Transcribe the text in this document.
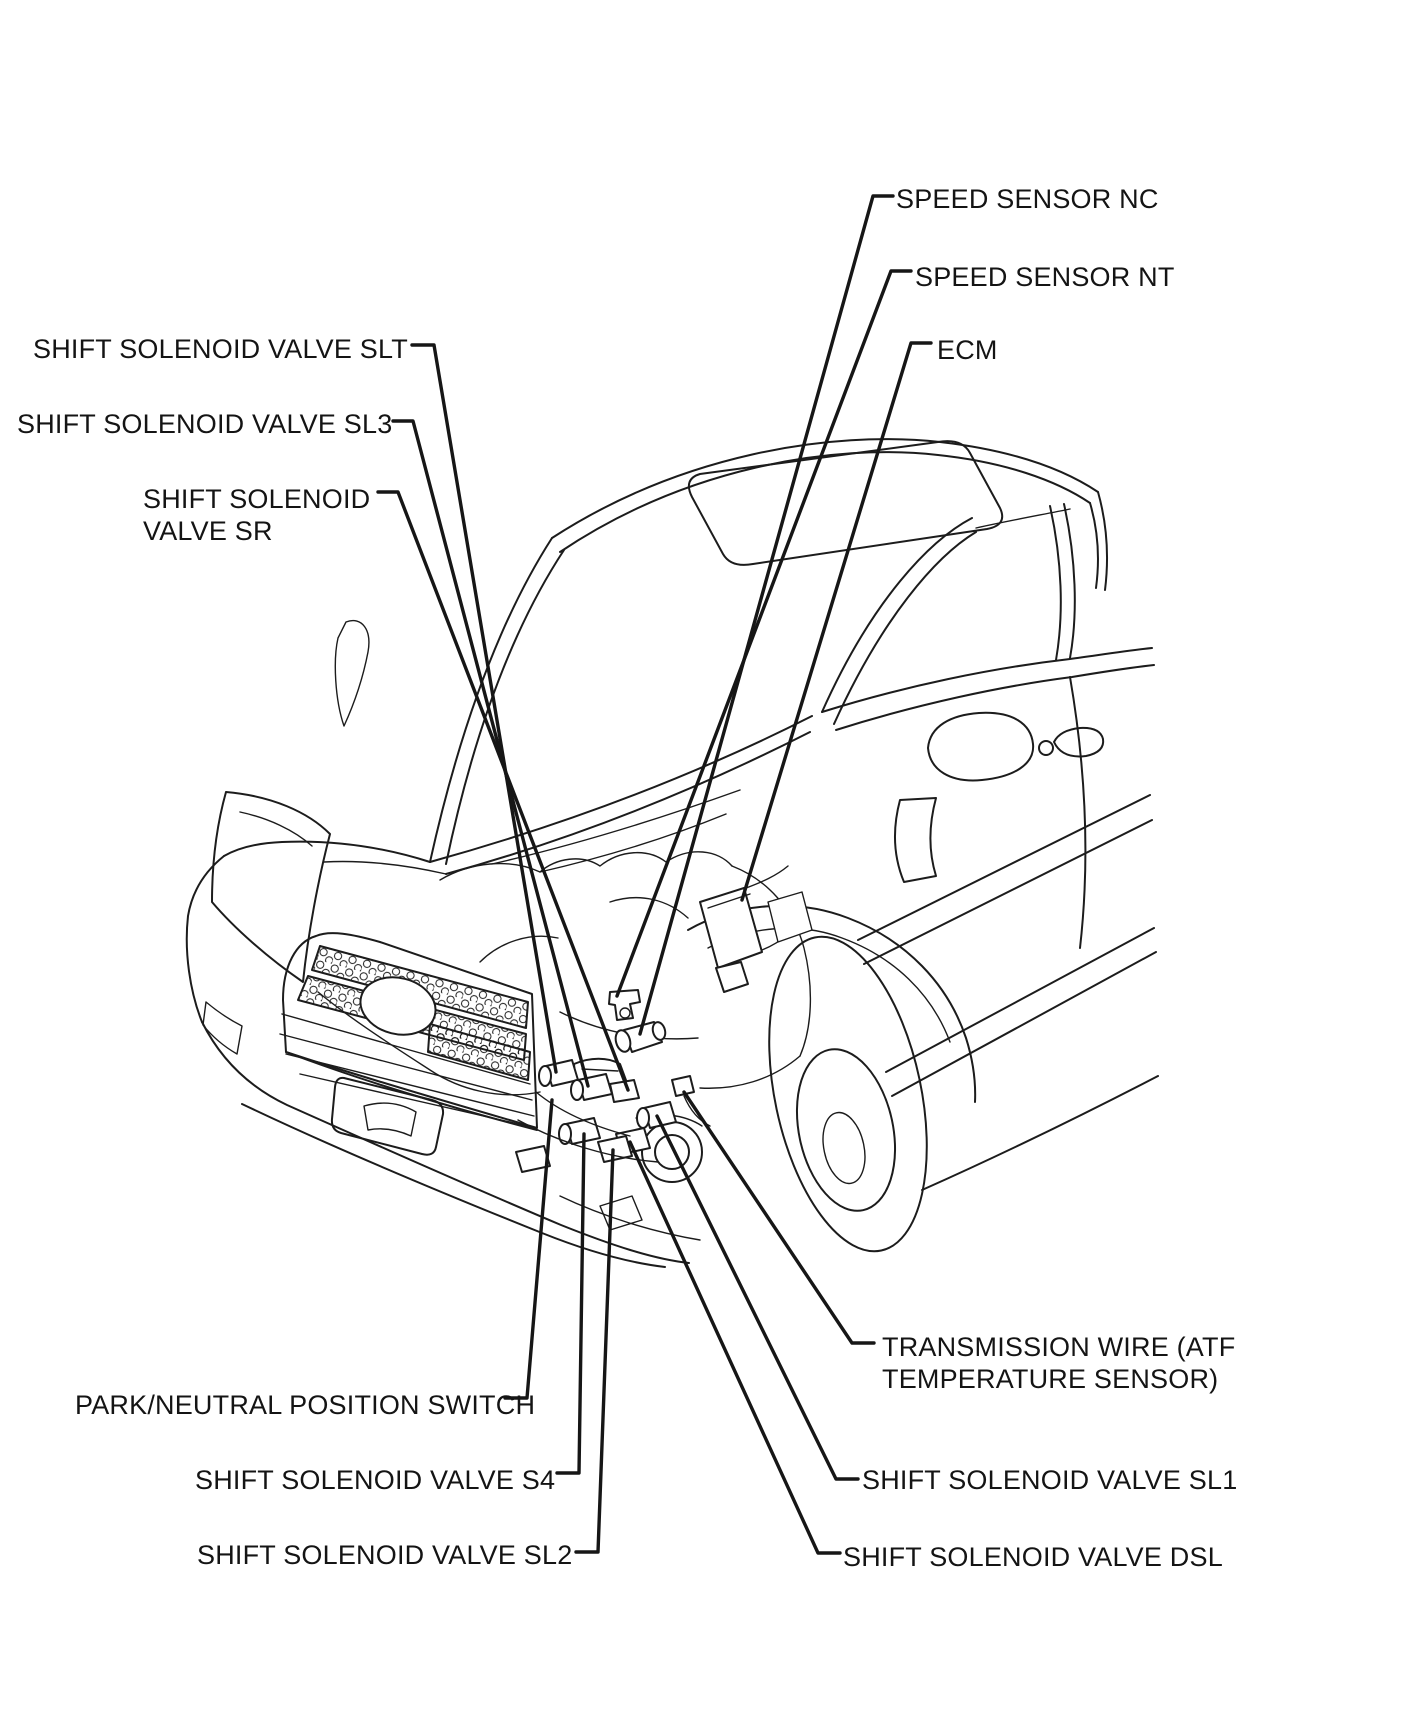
SPEED SENSOR NC
SPEED SENSOR NT
ECM
SHIFT SOLENOID VALVE SLT
SHIFT SOLENOID VALVE SL3
SHIFT SOLENOID
VALVE SR
PARK/NEUTRAL POSITION SWITCH
SHIFT SOLENOID VALVE S4
SHIFT SOLENOID VALVE SL2
TRANSMISSION WIRE (ATF
TEMPERATURE SENSOR)
SHIFT SOLENOID VALVE SL1
SHIFT SOLENOID VALVE DSL
